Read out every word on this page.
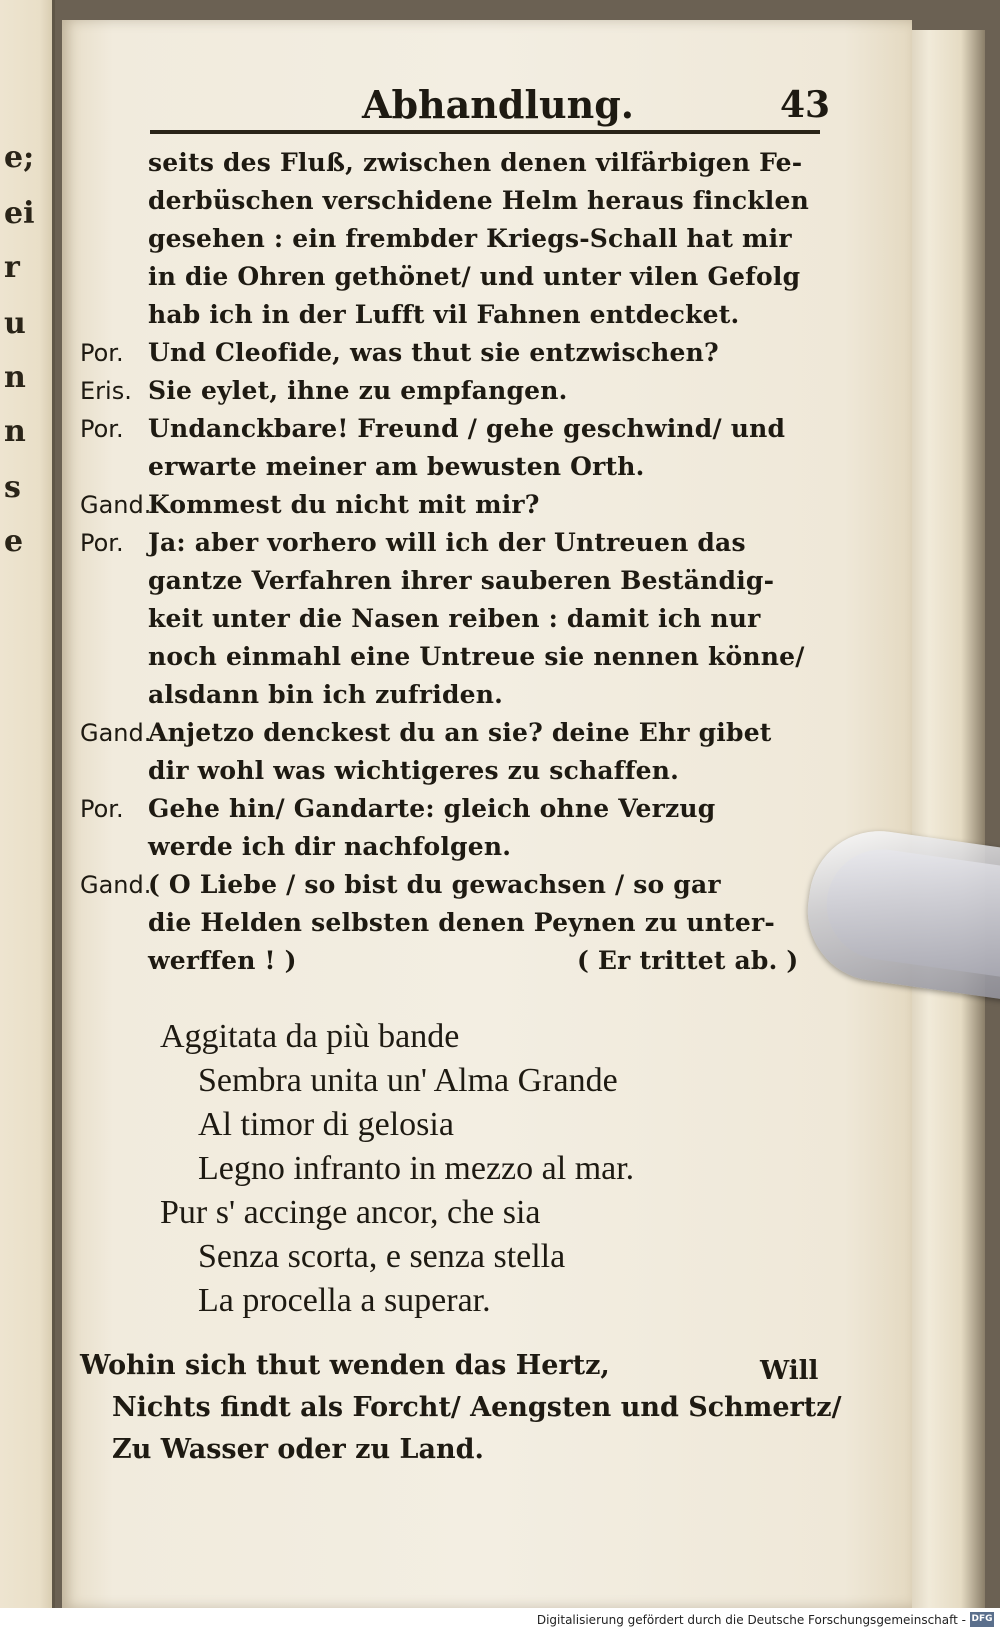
e;
ei
r
u
n
n
s
e
Abhandlung.	43
seits des Fluß, zwischen denen vilfärbigen Fe-
derbüschen verschidene Helm heraus fincklen
gesehen : ein frembder Kriegs-Schall hat mir
in die Ohren gethönet/ und unter vilen Gefolg
hab ich in der Lufft vil Fahnen entdecket.
Por. Und Cleofide, was thut sie entzwischen?
Eris. Sie eylet, ihne zu empfangen.
Por. Undanckbare! Freund / gehe geschwind/ und
erwarte meiner am bewusten Orth.
Gand.
Kommest du nicht mit mir?
Por. Ja: aber vorhero will ich der Untreuen das
gantze Verfahren ihrer sauberen Beständig-
keit unter die Nasen reiben : damit ich nur
noch einmahl eine Untreue sie nennen könne/
alsdann bin ich zufriden.
Gand.
Anjetzo denckest du an sie? deine Ehr gibet
dir wohl was wichtigeres zu schaffen.
Por. Gehe hin/ Gandarte: gleich ohne Verzug
werde ich dir nachfolgen.
Gand.
( O Liebe / so bist du gewachsen / so gar
die Helden selbsten denen Peynen zu unter-
werffen ! )	( Er trittet ab. )
Aggitata da più bande
Sembra unita un' Alma Grande
Al timor di gelosia
Legno infranto in mezzo al mar.
Pur s' accinge ancor, che sia
Senza scorta, e senza stella
La procella a superar.
Wohin sich thut wenden das Hertz,
Nichts findt als Forcht/ Aengsten und Schmertz/
Zu Wasser oder zu Land.
Will
Digitalisierung gefördert durch die Deutsche Forschungsgemeinschaft - DFG
